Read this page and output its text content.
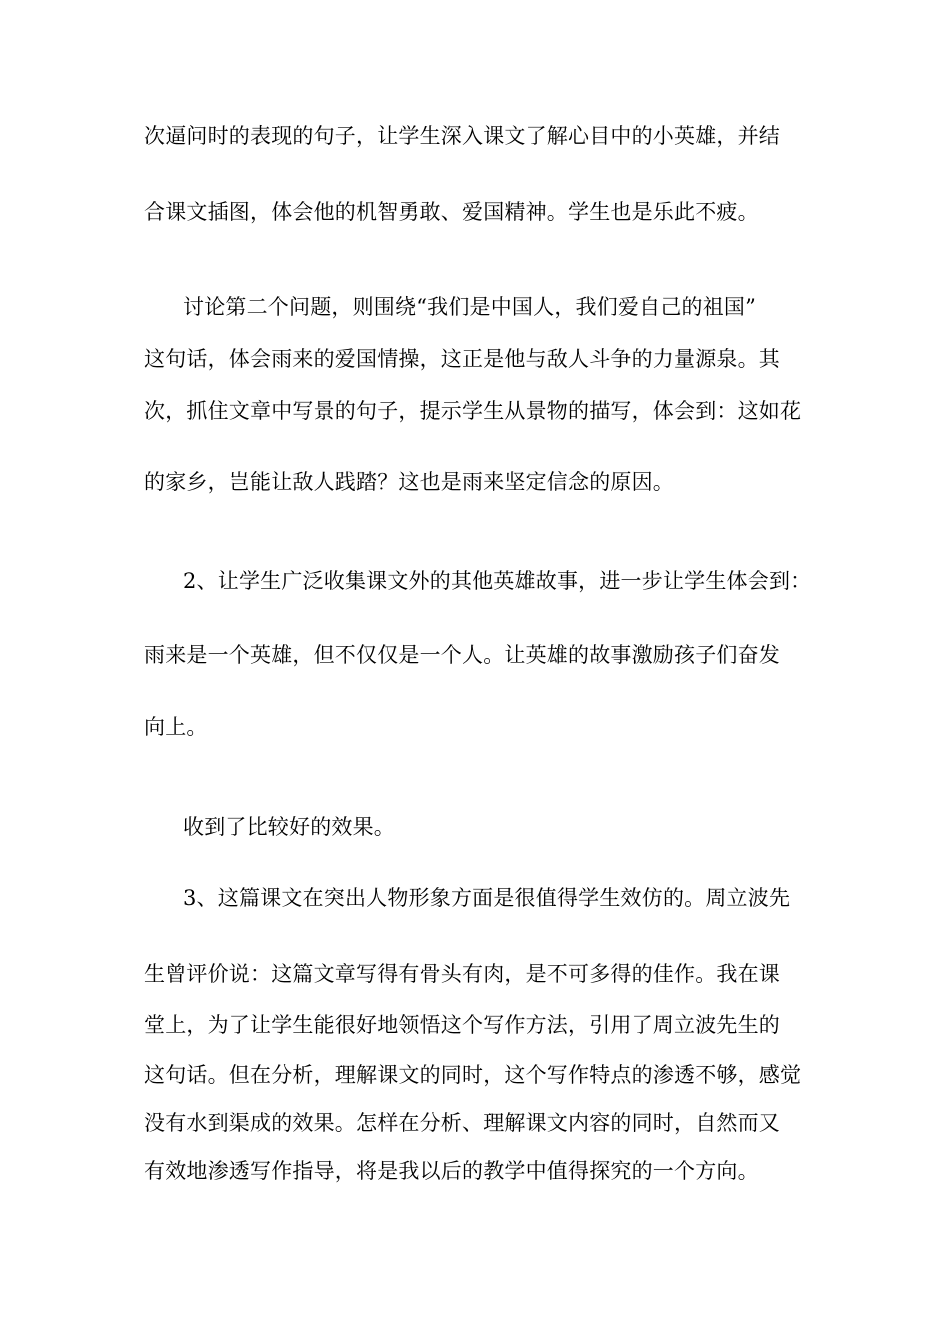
次逼问时的表现的句子，让学生深入课文了解心目中的小英雄，并结
合课文插图，体会他的机智勇敢、爱国精神。学生也是乐此不疲。
讨论第二个问题，则围绕“我们是中国人，我们爱自己的祖国”
这句话，体会雨来的爱国情操，这正是他与敌人斗争的力量源泉。其
次，抓住文章中写景的句子，提示学生从景物的描写，体会到：这如花
的家乡，岂能让敌人践踏？这也是雨来坚定信念的原因。
2、让学生广泛收集课文外的其他英雄故事，进一步让学生体会到：
雨来是一个英雄，但不仅仅是一个人。让英雄的故事激励孩子们奋发
向上。
收到了比较好的效果。
3、这篇课文在突出人物形象方面是很值得学生效仿的。周立波先
生曾评价说：这篇文章写得有骨头有肉，是不可多得的佳作。我在课
堂上，为了让学生能很好地领悟这个写作方法，引用了周立波先生的
这句话。但在分析，理解课文的同时，这个写作特点的渗透不够，感觉
没有水到渠成的效果。怎样在分析、理解课文内容的同时，自然而又
有效地渗透写作指导，将是我以后的教学中值得探究的一个方向。
